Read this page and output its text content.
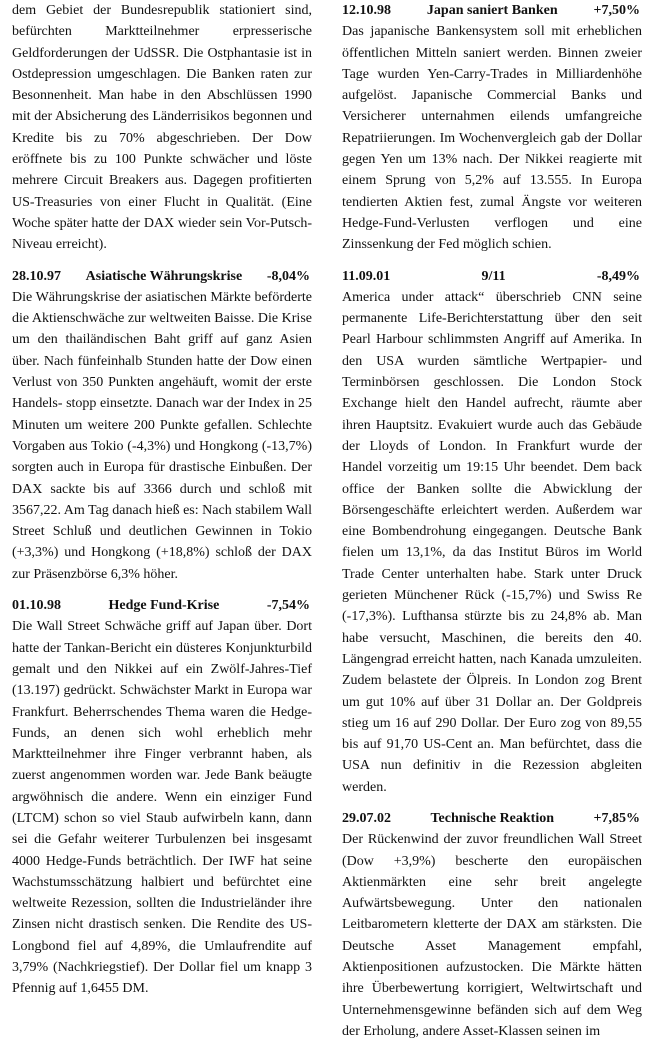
dem Gebiet der Bundesrepublik stationiert sind, befürchten Marktteilnehmer erpresserische Geldforderungen der UdSSR. Die Ostphantasie ist in Ostdepression umgeschlagen. Die Banken raten zur Besonnenheit. Man habe in den Abschlüssen 1990 mit der Absicherung des Länderrisikos begonnen und Kredite bis zu 70% abgeschrieben. Der Dow eröffnete bis zu 100 Punkte schwächer und löste mehrere Circuit Breakers aus. Dagegen profitierten US-Treasuries von einer Flucht in Qualität. (Eine Woche später hatte der DAX wieder sein Vor-Putsch-Niveau erreicht).
28.10.97 Asiatische Währungskrise -8,04%
Die Währungskrise der asiatischen Märkte beförderte die Aktienschwäche zur weltweiten Baisse. Die Krise um den thailändischen Baht griff auf ganz Asien über. Nach fünfeinhalb Stunden hatte der Dow einen Verlust von 350 Punkten angehäuft, womit der erste Handels- stopp einsetzte. Danach war der Index in 25 Minuten um weitere 200 Punkte gefallen. Schlechte Vorgaben aus Tokio (-4,3%) und Hongkong (-13,7%) sorgten auch in Europa für drastische Einbußen. Der DAX sackte bis auf 3366 durch und schloß mit 3567,22. Am Tag danach hieß es: Nach stabilem Wall Street Schluß und deutlichen Gewinnen in Tokio (+3,3%) und Hongkong (+18,8%) schloß der DAX zur Präsenzbörse 6,3% höher.
01.10.98	Hedge Fund-Krise	-7,54%
Die Wall Street Schwäche griff auf Japan über. Dort hatte der Tankan-Bericht ein düsteres Konjunkturbild gemalt und den Nikkei auf ein Zwölf-Jahres-Tief (13.197) gedrückt. Schwächster Markt in Europa war Frankfurt. Beherrschendes Thema waren die Hedge-Funds, an denen sich wohl erheblich mehr Marktteilnehmer ihre Finger verbrannt haben, als zuerst angenommen worden war. Jede Bank beäugte argwöhnisch die andere. Wenn ein einziger Fund (LTCM) schon so viel Staub aufwirbeln kann, dann sei die Gefahr weiterer Turbulenzen bei insgesamt 4000 Hedge-Funds beträchtlich. Der IWF hat seine Wachstumsschätzung halbiert und befürchtet eine weltweite Rezession, sollten die Industrieländer ihre Zinsen nicht drastisch senken. Die Rendite des US-Longbond fiel auf 4,89%, die Umlaufrendite auf 3,79% (Nachkriegstief). Der Dollar fiel um knapp 3 Pfennig auf 1,6455 DM.
12.10.98	Japan saniert Banken	+7,50%
Das japanische Bankensystem soll mit erheblichen öffentlichen Mitteln saniert werden. Binnen zweier Tage wurden Yen-Carry-Trades in Milliardenhöhe aufgelöst. Japanische Commercial Banks und Versicherer unternahmen eilends umfangreiche Repatriierungen. Im Wochenvergleich gab der Dollar gegen Yen um 13% nach. Der Nikkei reagierte mit einem Sprung von 5,2% auf 13.555. In Europa tendierten Aktien fest, zumal Ängste vor weiteren Hedge-Fund-Verlusten verflogen und eine Zinssenkung der Fed möglich schien.
11.09.01	9/11	-8,49%
America under attack“ überschrieb CNN seine permanente Life-Berichterstattung über den seit Pearl Harbour schlimmsten Angriff auf Amerika. In den USA wurden sämtliche Wertpapier- und Terminbörsen geschlossen. Die London Stock Exchange hielt den Handel aufrecht, räumte aber ihren Hauptsitz. Evakuiert wurde auch das Gebäude der Lloyds of London. In Frankfurt wurde der Handel vorzeitig um 19:15 Uhr beendet. Dem back office der Banken sollte die Abwicklung der Börsengeschäfte erleichtert werden. Außerdem war eine Bombendrohung eingegangen. Deutsche Bank fielen um 13,1%, da das Institut Büros im World Trade Center unterhalten habe. Stark unter Druck gerieten Münchener Rück (-15,7%) und Swiss Re (-17,3%). Lufthansa stürzte bis zu 24,8% ab. Man habe versucht, Maschinen, die bereits den 40. Längengrad erreicht hatten, nach Kanada umzuleiten. Zudem belastete der Ölpreis. In London zog Brent um gut 10% auf über 31 Dollar an. Der Goldpreis stieg um 16 auf 290 Dollar. Der Euro zog von 89,55 bis auf 91,70 US-Cent an. Man befürchtet, dass die USA nun definitiv in die Rezession abgleiten werden.
29.07.02	Technische Reaktion	+7,85%
Der Rückenwind der zuvor freundlichen Wall Street (Dow +3,9%) bescherte den europäischen Aktienmärkten eine sehr breit angelegte Aufwärtsbewegung. Unter den nationalen Leitbarometern kletterte der DAX am stärksten. Die Deutsche Asset Management empfahl, Aktienpositionen aufzustocken. Die Märkte hätten ihre Überbewertung korrigiert, Weltwirtschaft und Unternehmensgewinne befänden sich auf dem Weg der Erholung, andere Asset-Klassen seinen im
